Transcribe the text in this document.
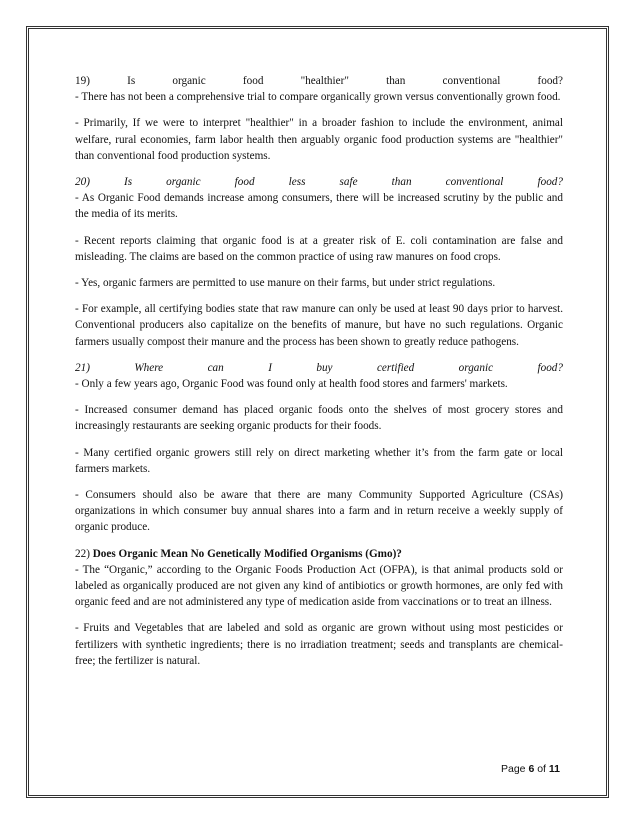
19) Is organic food "healthier" than conventional food?

- There has not been a comprehensive trial to compare organically grown versus conventionally grown food.

- Primarily, If we were to interpret "healthier" in a broader fashion to include the environment, animal welfare, rural economies, farm labor health then arguably organic food production systems are "healthier" than conventional food production systems.

20) Is organic food less safe than conventional food?

- As Organic Food demands increase among consumers, there will be increased scrutiny by the public and the media of its merits.

- Recent reports claiming that organic food is at a greater risk of E. coli contamination are false and misleading. The claims are based on the common practice of using raw manures on food crops.

- Yes, organic farmers are permitted to use manure on their farms, but under strict regulations.

- For example, all certifying bodies state that raw manure can only be used at least 90 days prior to harvest. Conventional producers also capitalize on the benefits of manure, but have no such regulations. Organic farmers usually compost their manure and the process has been shown to greatly reduce pathogens.

21) Where can I buy certified organic food?

- Only a few years ago, Organic Food was found only at health food stores and farmers' markets.

- Increased consumer demand has placed organic foods onto the shelves of most grocery stores and increasingly restaurants are seeking organic products for their foods.

- Many certified organic growers still rely on direct marketing whether it’s from the farm gate or local farmers markets.

- Consumers should also be aware that there are many Community Supported Agriculture (CSAs) organizations in which consumer buy annual shares into a farm and in return receive a weekly supply of organic produce.

22) Does Organic Mean No Genetically Modified Organisms (Gmo)?

- The “Organic,” according to the Organic Foods Production Act (OFPA), is that animal products sold or labeled as organically produced are not given any kind of antibiotics or growth hormones, are only fed with organic feed and are not administered any type of medication aside from vaccinations or to treat an illness.

- Fruits and Vegetables that are labeled and sold as organic are grown without using most pesticides or fertilizers with synthetic ingredients; there is no irradiation treatment; seeds and transplants are chemical-free; the fertilizer is natural.

Page 6 of 11
